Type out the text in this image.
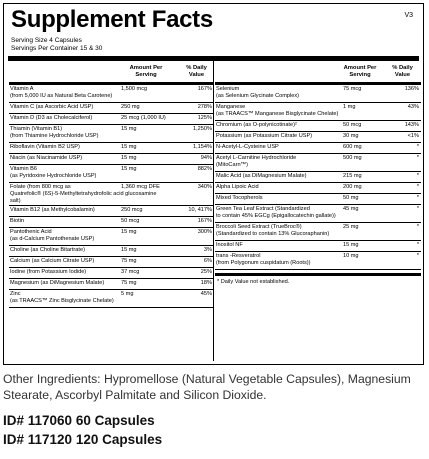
Supplement Facts	V3
Serving Size 4 Capsules
Servings Per Container 15 & 30
Amount Per Serving
% Daily Value
Vitamin A
(from 5,000 IU as Natural Beta Carotene)
1,500 mcg	167%
Vitamin C (as Ascorbic Acid USP)	250 mg	278%
Vitamin D (D3 as Cholecalciferol)	25 mcg (1,000 IU)	125%
Thiamin (Vitamin B1)
(from Thiamine Hydrochloride USP)
15 mg	1,250%
Riboflavin (Vitamin B2 USP)	15 mg	1,154%
Niacin (as Niacinamide USP)	15 mg	94%
Vitamin B6
(as Pyridoxine Hydrochloride USP)
15 mg	882%
Folate (from 800 mcg as
Quatrefolic® (6S)-5-Methyltetrahydrofolic acid glucosamine salt)
1,360 mcg DFE	340%
Vitamin B12 (as Methylcobalamin)	250 mcg	10, 417%
Biotin	50 mcg	167%
Pantothenic Acid
(as d-Calcium Pantothenate USP)
15 mg	300%
Choline (as Choline Bitartrate)	15 mg	3%
Calcium (as Calcium Citrate USP)	75 mg	6%
Iodine (from Potassium Iodide)	37 mcg	25%
Magnesium (as DiMagnesium Malate)	75 mg	18%
Zinc
(as TRAACS™ Zinc Bisglycinate Chelate)
5 mg	45%
Amount Per Serving
% Daily Value
Selenium
(as Selenium Glycinate Complex)
75 mcg	136%
Manganese
(as TRAACS™ Manganese Bisglycinate Chelate)
1 mg	43%
Chromium (as O-polynicotinate)²	50 mcg	143%
Potassium (as Potassium Citrate USP)	30 mg	<1%
N-Acetyl-L-Cysteine USP	600 mg	*
Acetyl L-Carnitine Hydrochloride
(MitoCarn™)
500 mg	*
Malic Acid (as DiMagnesium Malate)	215 mg	*
Alpha Lipoic Acid	200 mg	*
Mixed Tocopherols	50 mg	*
Green Tea Leaf Extract (Standardized
to contain 45% EGCg (Epigallocatechin gallate))
45 mg	*
Broccoli Seed Extract (TrueBroc®)
(Standardized to contain 13% Glucoraphanin)
25 mg	*
Inositol NF	15 mg	*
trans -Resveratrol
(from Polygonum cuspidatum (Roots))
10 mg	*
* Daily Value not established.
Other Ingredients: Hypromellose (Natural Vegetable Capsules), Magnesium Stearate, Ascorbyl Palmitate and Silicon Dioxide.
ID# 117060 60 Capsules
ID# 117120 120 Capsules
